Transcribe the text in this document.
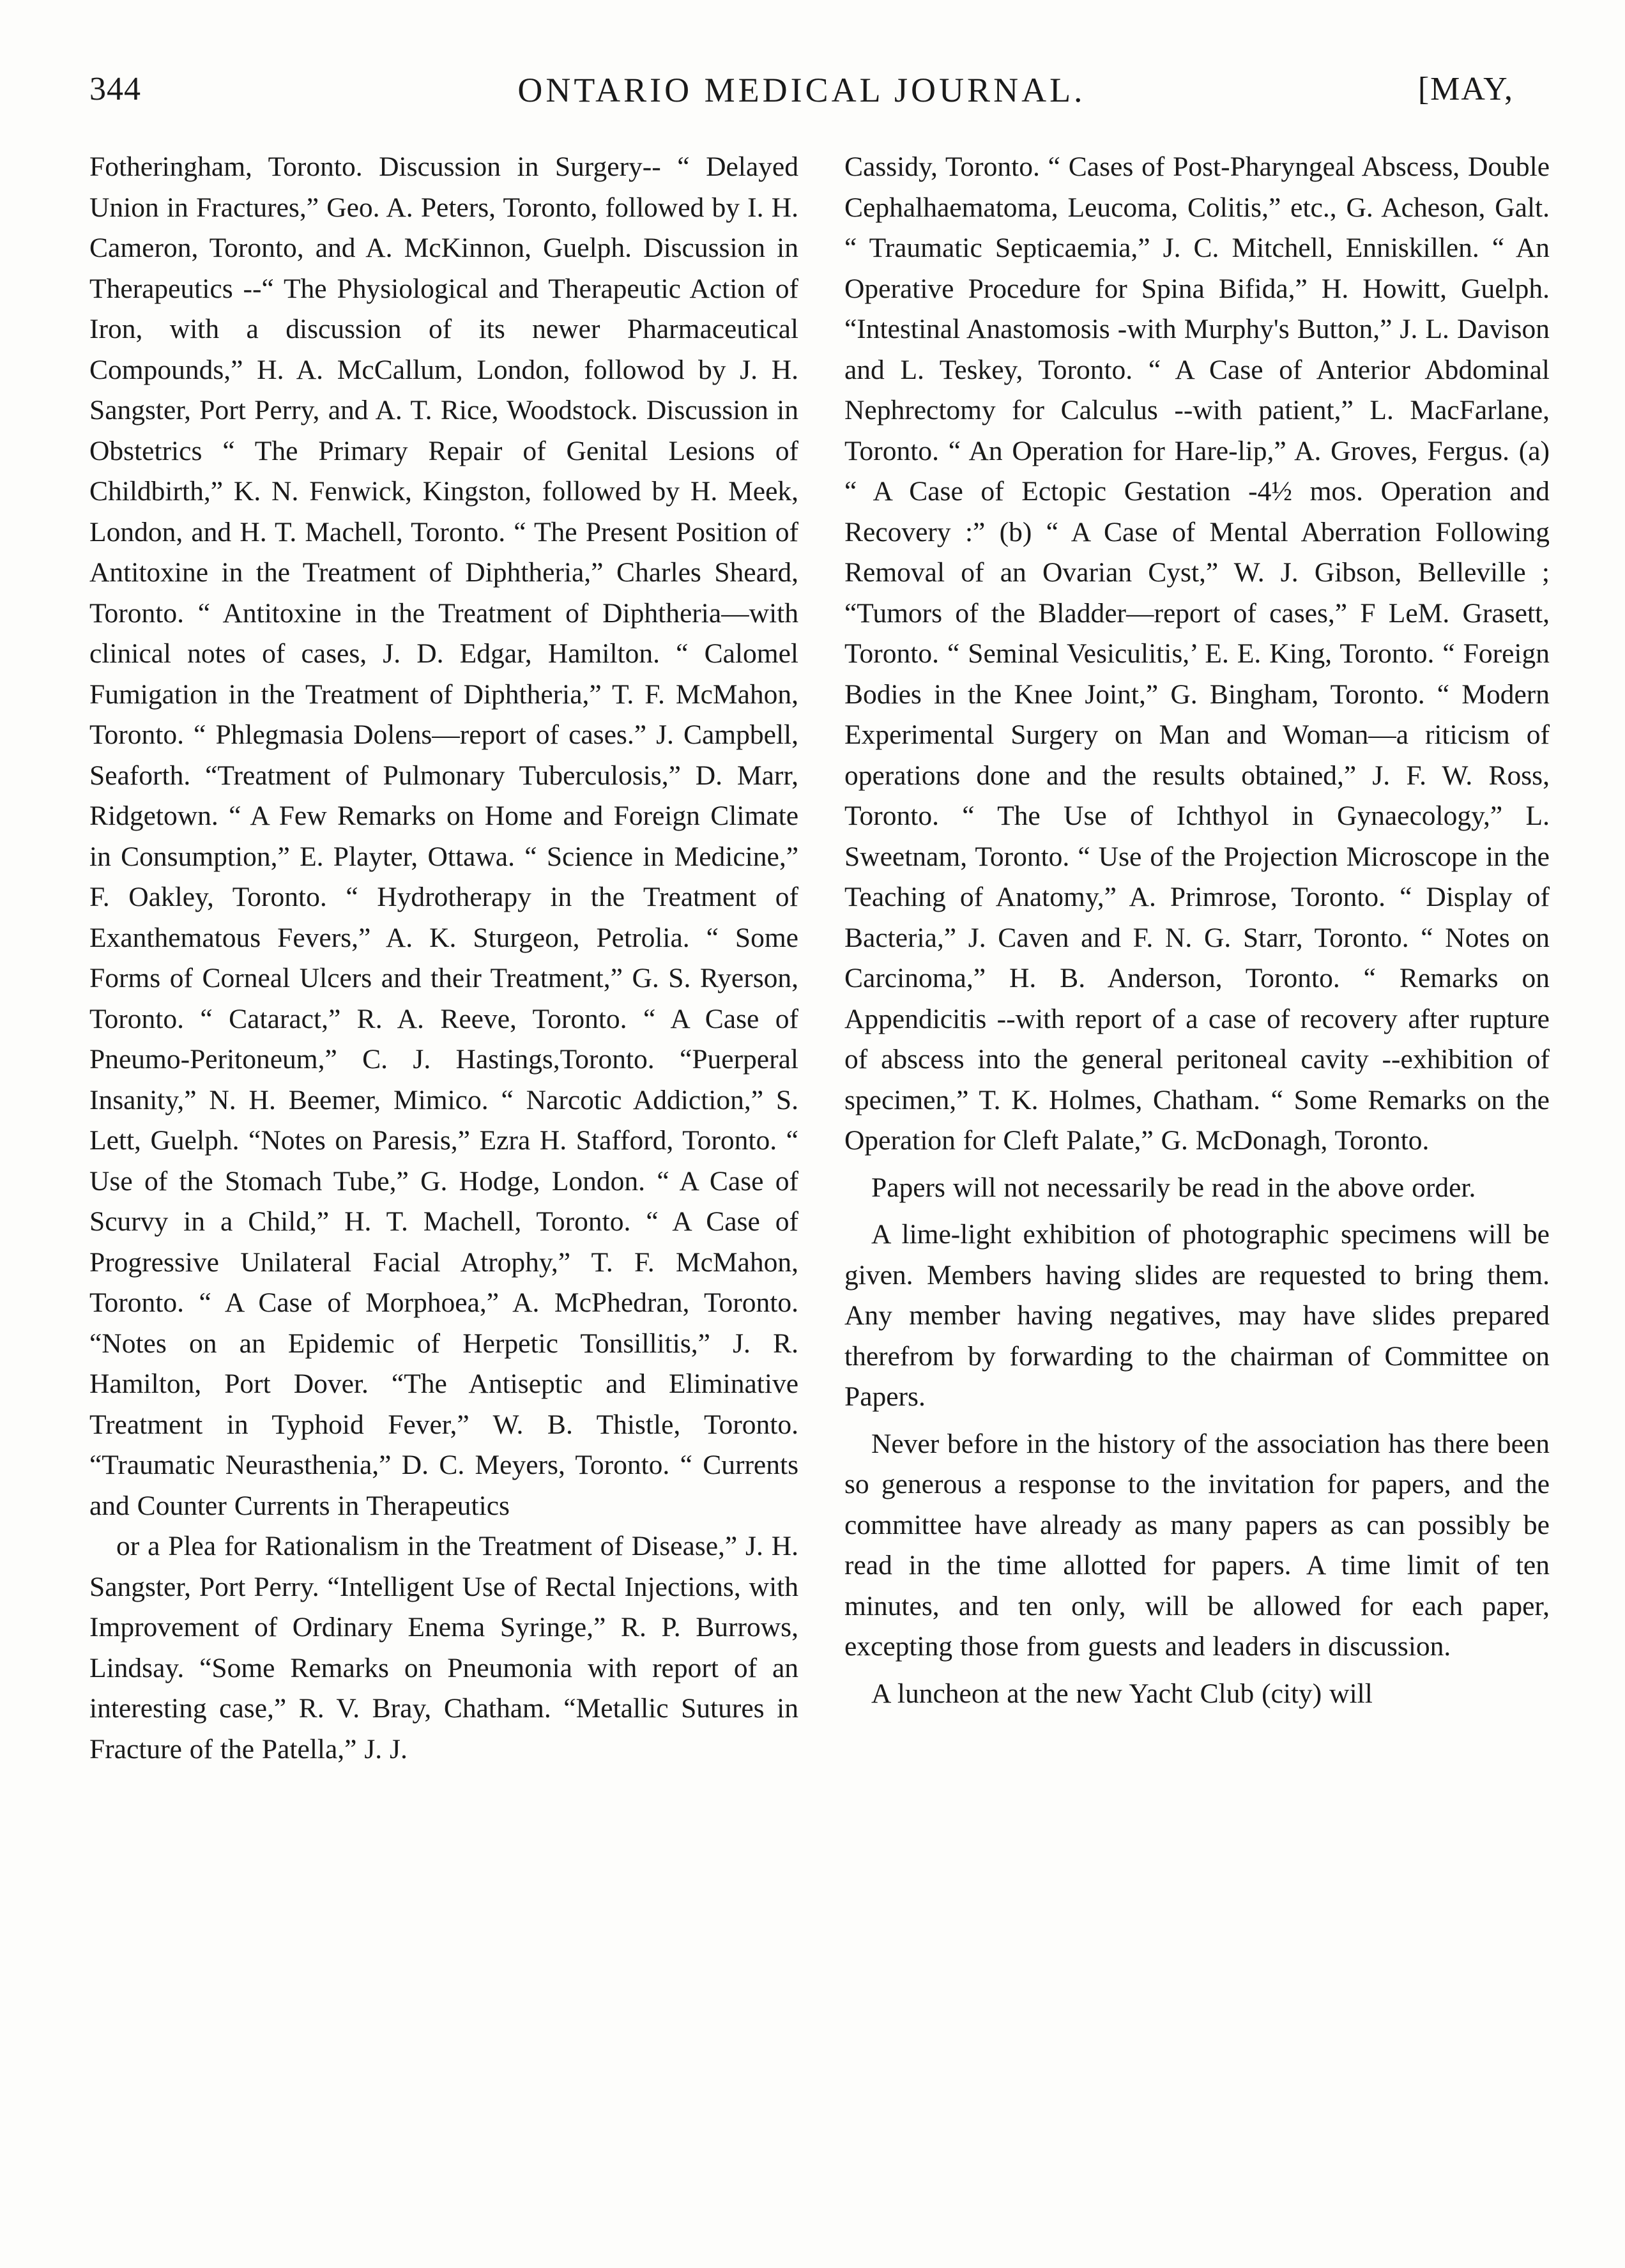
344	ONTARIO MEDICAL JOURNAL.	[MAY,

Fotheringham, Toronto. Discussion in Surgery-- “ Delayed Union in Fractures,” Geo. A. Peters, Toronto, followed by I. H. Cameron, Toronto, and A. McKinnon, Guelph. Discussion in Therapeutics --“ The Physiological and Therapeutic Action of Iron, with a discussion of its newer Pharmaceutical Compounds,” H. A. McCallum, London, followod by J. H. Sangster, Port Perry, and A. T. Rice, Woodstock. Discussion in Obstetrics “ The Primary Repair of Genital Lesions of Childbirth,” K. N. Fenwick, Kingston, followed by H. Meek, London, and H. T. Machell, Toronto. “ The Present Position of Antitoxine in the Treatment of Diphtheria,” Charles Sheard, Toronto. “ Antitoxine in the Treatment of Diphtheria—with clinical notes of cases, J. D. Edgar, Hamilton. “ Calomel Fumigation in the Treatment of Diphtheria,” T. F. McMahon, Toronto. “ Phlegmasia Dolens—report of cases.” J. Campbell, Seaforth. “Treatment of Pulmonary Tuberculosis,” D. Marr, Ridgetown. “ A Few Remarks on Home and Foreign Climate in Consumption,” E. Playter, Ottawa. “ Science in Medicine,” F. Oakley, Toronto. “ Hydrotherapy in the Treatment of Exanthematous Fevers,” A. K. Sturgeon, Petrolia. “ Some Forms of Corneal Ulcers and their Treatment,” G. S. Ryerson, Toronto. “ Cataract,” R. A. Reeve, Toronto. “ A Case of Pneumo-Peritoneum,” C. J. Hastings,Toronto. “Puerperal Insanity,” N. H. Beemer, Mimico. “ Narcotic Addiction,” S. Lett, Guelph. “Notes on Paresis,” Ezra H. Stafford, Toronto. “ Use of the Stomach Tube,” G. Hodge, London. “ A Case of Scurvy in a Child,” H. T. Machell, Toronto. “ A Case of Progressive Unilateral Facial Atrophy,” T. F. McMahon, Toronto. “ A Case of Morphoea,” A. McPhedran, Toronto. “Notes on an Epidemic of Herpetic Tonsillitis,” J. R. Hamilton, Port Dover. “The Antiseptic and Eliminative Treatment in Typhoid Fever,” W. B. Thistle, Toronto. “Traumatic Neurasthenia,” D. C. Meyers, Toronto. “ Currents and Counter Currents in Therapeutics

or a Plea for Rationalism in the Treatment of Disease,” J. H. Sangster, Port Perry. “Intelligent Use of Rectal Injections, with Improvement of Ordinary Enema Syringe,” R. P. Burrows, Lindsay. “Some Remarks on Pneumonia with report of an interesting case,” R. V. Bray, Chatham. “Metallic Sutures in Fracture of the Patella,” J. J.

Cassidy, Toronto. “ Cases of Post-Pharyngeal Abscess, Double Cephalhaematoma, Leucoma, Colitis,” etc., G. Acheson, Galt. “ Traumatic Septicaemia,” J. C. Mitchell, Enniskillen. “ An Operative Procedure for Spina Bifida,” H. Howitt, Guelph. “Intestinal Anastomosis -with Murphy's Button,” J. L. Davison and L. Teskey, Toronto. “ A Case of Anterior Abdominal Nephrectomy for Calculus --with patient,” L. MacFarlane, Toronto. “ An Operation for Hare-lip,” A. Groves, Fergus. (a) “ A Case of Ectopic Gestation -4½ mos. Operation and Recovery :” (b) “ A Case of Mental Aberration Following Removal of an Ovarian Cyst,” W. J. Gibson, Belleville ; “Tumors of the Bladder—report of cases,” F LeM. Grasett, Toronto. “ Seminal Vesiculitis,’ E. E. King, Toronto. “ Foreign Bodies in the Knee Joint,” G. Bingham, Toronto. “ Modern Experimental Surgery on Man and Woman—a riticism of operations done and the results obtained,” J. F. W. Ross, Toronto. “ The Use of Ichthyol in Gynaecology,” L. Sweetnam, Toronto. “ Use of the Projection Microscope in the Teaching of Anatomy,” A. Primrose, Toronto. “ Display of Bacteria,” J. Caven and F. N. G. Starr, Toronto. “ Notes on Carcinoma,” H. B. Anderson, Toronto. “ Remarks on Appendicitis --with report of a case of recovery after rupture of abscess into the general peritoneal cavity --exhibition of specimen,” T. K. Holmes, Chatham. “ Some Remarks on the Operation for Cleft Palate,” G. McDonagh, Toronto.

Papers will not necessarily be read in the above order.

A lime-light exhibition of photographic specimens will be given. Members having slides are requested to bring them. Any member having negatives, may have slides prepared therefrom by forwarding to the chairman of Committee on Papers.

Never before in the history of the association has there been so generous a response to the invitation for papers, and the committee have already as many papers as can possibly be read in the time allotted for papers. A time limit of ten minutes, and ten only, will be allowed for each paper, excepting those from guests and leaders in discussion.

A luncheon at the new Yacht Club (city) will
